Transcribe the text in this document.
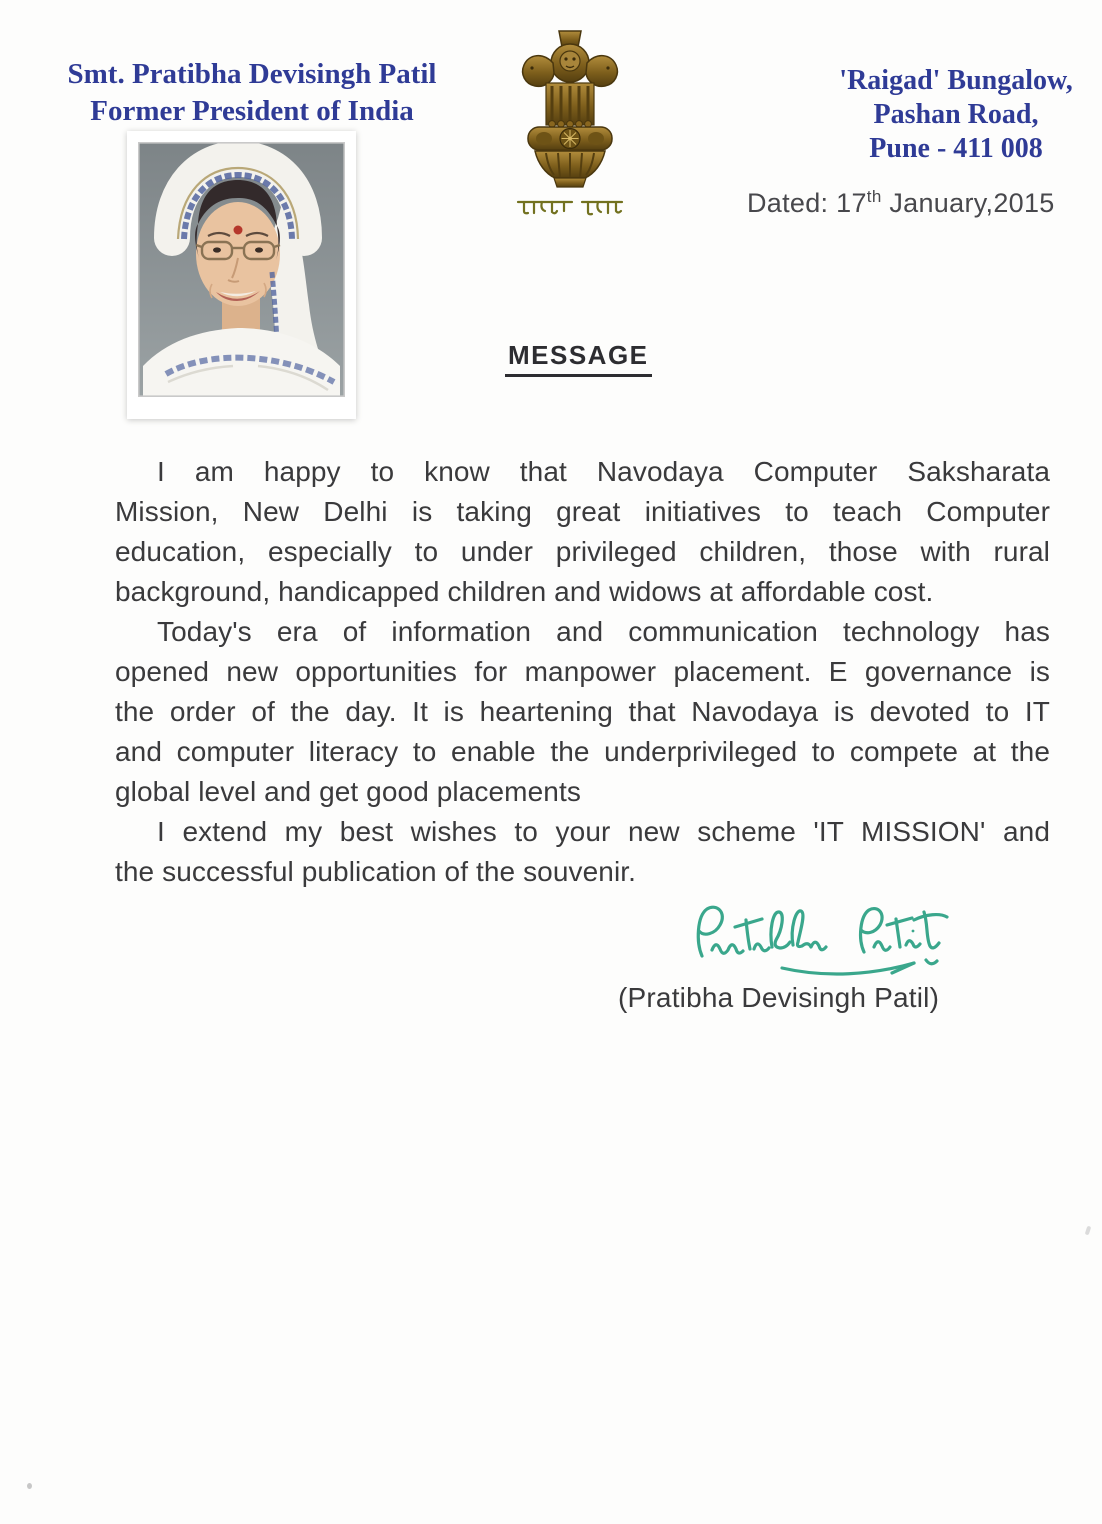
Smt. Pratibha Devisingh Patil
Former President of India
'Raigad' Bungalow,
Pashan Road,
Pune - 411 008
Dated: 17th January,2015
MESSAGE
I am happy to know that Navodaya Computer Saksharata
Mission, New Delhi is taking great initiatives to teach Computer
education, especially to under privileged children, those with rural
background, handicapped children and widows at affordable cost.
Today's era of information and communication technology has
opened new opportunities for manpower placement. E governance is
the order of the day. It is heartening that Navodaya is devoted to IT
and computer literacy to enable the underprivileged to compete at the
global level and get good placements
I extend my best wishes to your new scheme 'IT MISSION' and
the successful publication of the souvenir.
(Pratibha Devisingh Patil)
